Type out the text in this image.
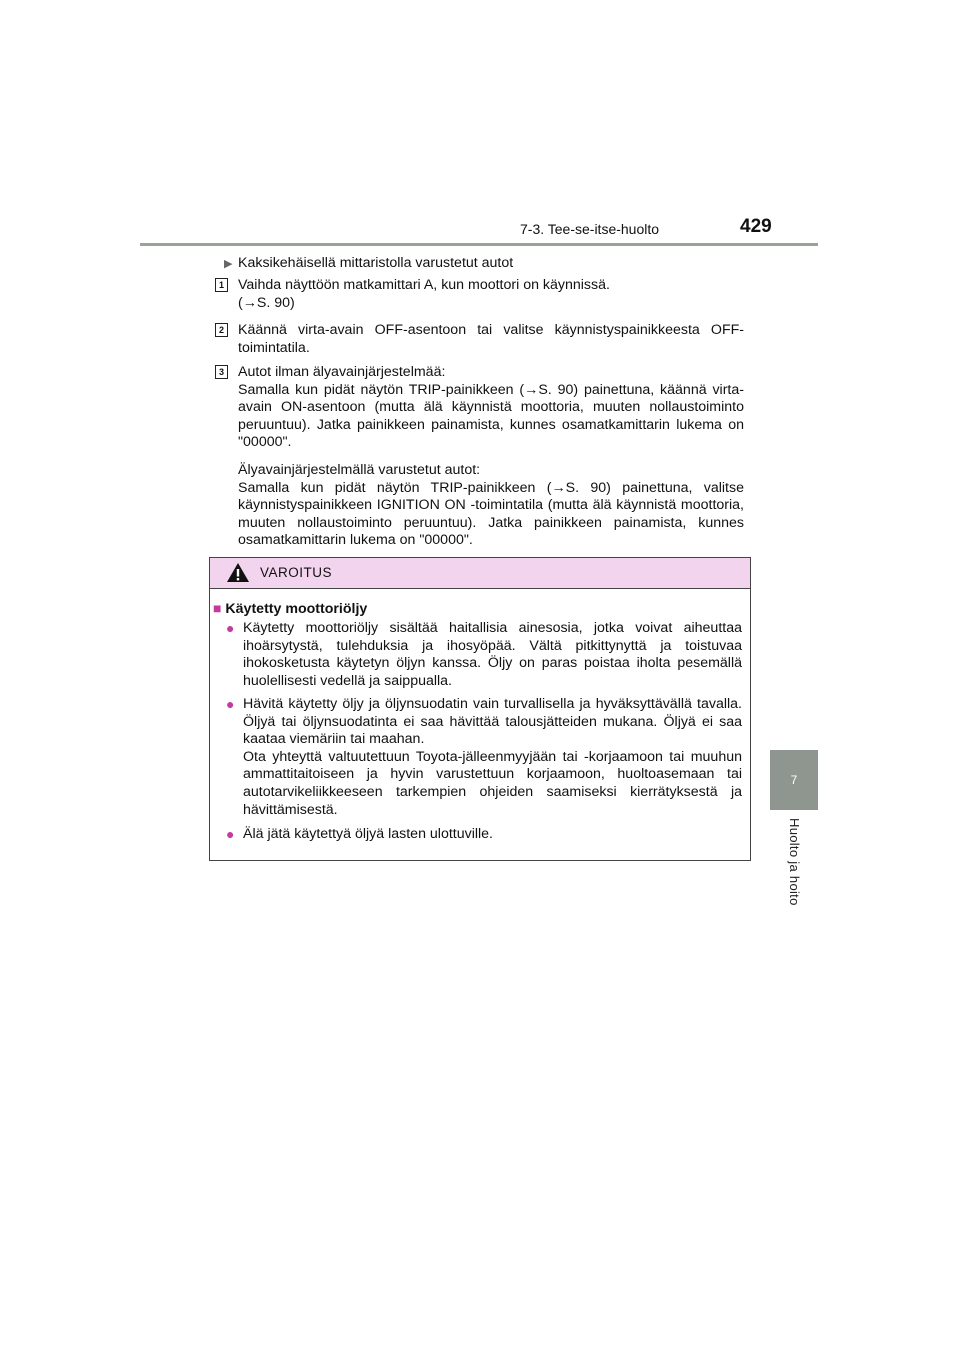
7-3. Tee-se-itse-huolto	429
7
Huolto ja hoito
▶ Kaksikehäisellä mittaristolla varustetut autot
1 Vaihda näyttöön matkamittari A, kun moottori on käynnissä.
(→S. 90)
2 Käännä virta-avain OFF-asentoon tai valitse käynnistyspainikkeesta OFF-toimintatila.
3 Autot ilman älyavainjärjestelmää:
Samalla kun pidät näytön TRIP-painikkeen (→S. 90) painettuna, käännä virta-avain ON-asentoon (mutta älä käynnistä moottoria, muuten nollaustoiminto peruuntuu). Jatka painikkeen painamista, kunnes osamatkamittarin lukema on "00000".
Älyavainjärjestelmällä varustetut autot:
Samalla kun pidät näytön TRIP-painikkeen (→S. 90) painettuna, valitse käynnistyspainikkeen IGNITION ON -toimintatila (mutta älä käynnistä moottoria, muuten nollaustoiminto peruuntuu). Jatka painikkeen painamista, kunnes osamatkamittarin lukema on "00000".
VAROITUS
■ Käytetty moottoriöljy
● Käytetty moottoriöljy sisältää haitallisia ainesosia, jotka voivat aiheuttaa ihoärsytystä, tulehduksia ja ihosyöpää. Vältä pitkittynyttä ja toistuvaa ihokosketusta käytetyn öljyn kanssa. Öljy on paras poistaa iholta pesemällä huolellisesti vedellä ja saippualla.
● Hävitä käytetty öljy ja öljynsuodatin vain turvallisella ja hyväksyttävällä tavalla. Öljyä tai öljynsuodatinta ei saa hävittää talousjätteiden mukana. Öljyä ei saa kaataa viemäriin tai maahan.
Ota yhteyttä valtuutettuun Toyota-jälleenmyyjään tai -korjaamoon tai muuhun ammattitaitoiseen ja hyvin varustettuun korjaamoon, huoltoasemaan tai autotarvikeliikkeeseen tarkempien ohjeiden saamiseksi kierrätyksestä ja hävittämisestä.
● Älä jätä käytettyä öljyä lasten ulottuville.
